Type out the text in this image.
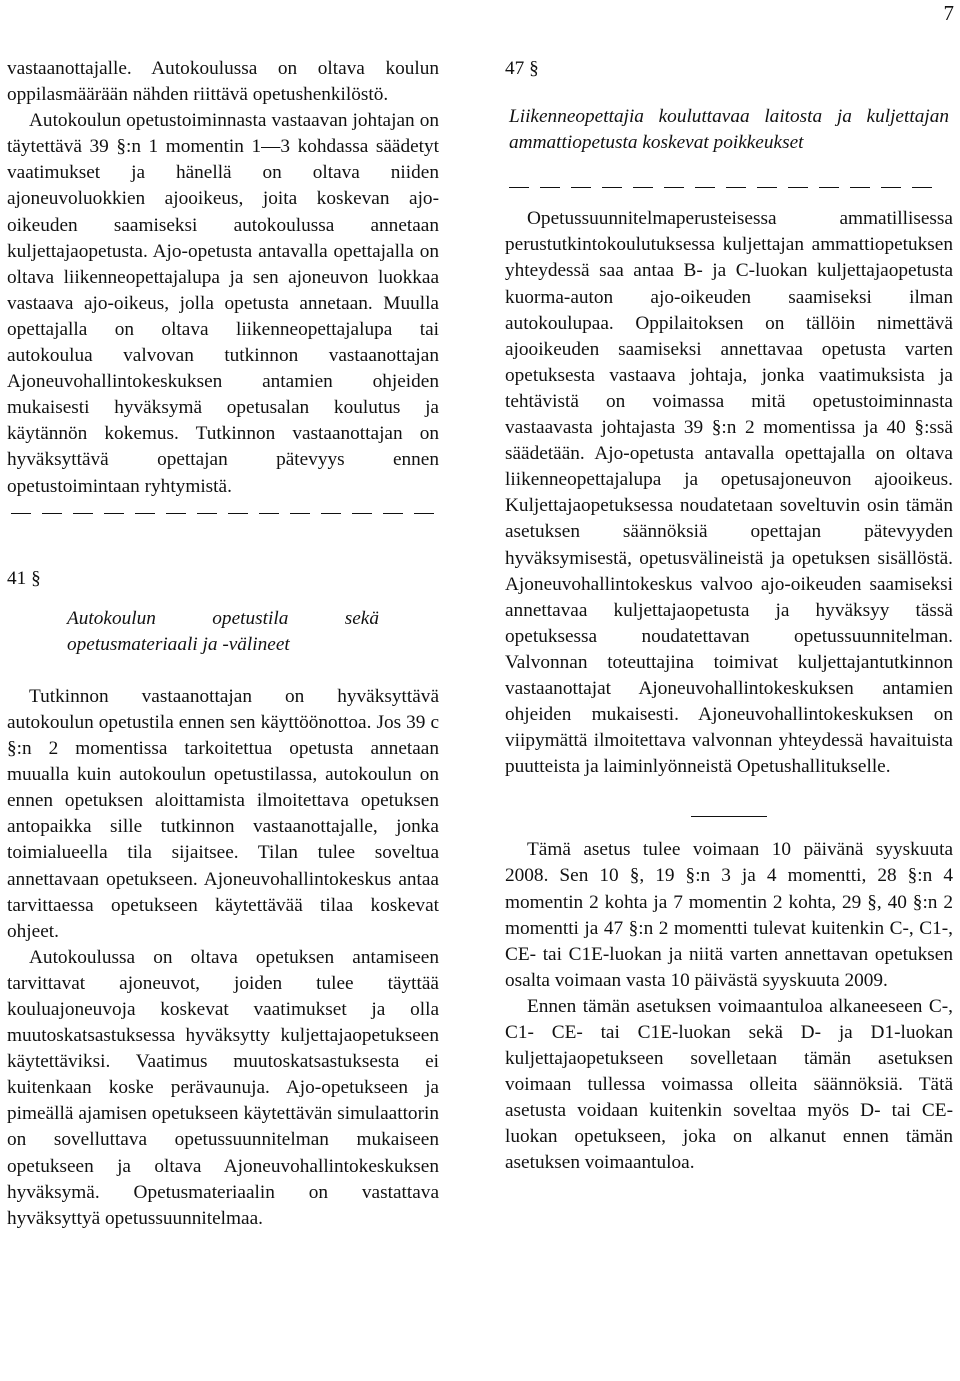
7

vastaanottajalle. Autokoulussa on oltava koulun oppilasmäärään nähden riittävä opetushenkilöstö.

Autokoulun opetustoiminnasta vastaavan johtajan on täytettävä 39 §:n 1 momentin 1—3 kohdassa säädetyt vaatimukset ja hänellä on oltava niiden ajoneuvoluokkien ajooikeus, joita koskevan ajo-oikeuden saamiseksi autokoulussa annetaan kuljettajaopetusta. Ajo-opetusta antavalla opettajalla on oltava liikenneopettajalupa ja sen ajoneuvon luokkaa vastaava ajo-oikeus, jolla opetusta annetaan. Muulla opettajalla on oltava liikenneopettajalupa tai autokoulua valvovan tutkinnon vastaanottajan Ajoneuvohallintokeskuksen antamien ohjeiden mukaisesti hyväksymä opetusalan koulutus ja käytännön kokemus. Tutkinnon vastaanottajan on hyväksyttävä opettajan pätevyys ennen opetustoimintaan ryhtymistä.

41 §

Autokoulun opetustila sekä opetusmateriaali ja -välineet

Tutkinnon vastaanottajan on hyväksyttävä autokoulun opetustila ennen sen käyttöönottoa. Jos 39 c §:n 2 momentissa tarkoitettua opetusta annetaan muualla kuin autokoulun opetustilassa, autokoulun on ennen opetuksen aloittamista ilmoitettava opetuksen antopaikka sille tutkinnon vastaanottajalle, jonka toimialueella tila sijaitsee. Tilan tulee soveltua annettavaan opetukseen. Ajoneuvohallintokeskus antaa tarvittaessa opetukseen käytettävää tilaa koskevat ohjeet.

Autokoulussa on oltava opetuksen antamiseen tarvittavat ajoneuvot, joiden tulee täyttää kouluajoneuvoja koskevat vaatimukset ja olla muutoskatsastuksessa hyväksytty kuljettajaopetukseen käytettäviksi. Vaatimus muutoskatsastuksesta ei kuitenkaan koske perävaunuja. Ajo-opetukseen ja pimeällä ajamisen opetukseen käytettävän simulaattorin on sovelluttava opetussuunnitelman mukaiseen opetukseen ja oltava Ajoneuvohallintokeskuksen hyväksymä. Opetusmateriaalin on vastattava hyväksyttyä opetussuunnitelmaa.

47 §

Liikenneopettajia kouluttavaa laitosta ja kuljettajan ammattiopetusta koskevat poikkeukset

Opetussuunnitelmaperusteisessa ammatillisessa perustutkintokoulutuksessa kuljettajan ammattiopetuksen yhteydessä saa antaa B- ja C-luokan kuljettajaopetusta kuorma-auton ajo-oikeuden saamiseksi ilman autokoulupaa. Oppilaitoksen on tällöin nimettävä ajooikeuden saamiseksi annettavaa opetusta varten opetuksesta vastaava johtaja, jonka vaatimuksista ja tehtävistä on voimassa mitä opetustoiminnasta vastaavasta johtajasta 39 §:n 2 momentissa ja 40 §:ssä säädetään. Ajo-opetusta antavalla opettajalla on oltava liikenneopettajalupa ja opetusajoneuvon ajooikeus. Kuljettajaopetuksessa noudatetaan soveltuvin osin tämän asetuksen säännöksiä opettajan pätevyyden hyväksymisestä, opetusvälineistä ja opetuksen sisällöstä. Ajoneuvohallintokeskus valvoo ajo-oikeuden saamiseksi annettavaa kuljettajaopetusta ja hyväksyy tässä opetuksessa noudatettavan opetussuunnitelman. Valvonnan toteuttajina toimivat kuljettajantutkinnon vastaanottajat Ajoneuvohallintokeskuksen antamien ohjeiden mukaisesti. Ajoneuvohallintokeskuksen on viipymättä ilmoitettava valvonnan yhteydessä havaituista puutteista ja laiminlyönneistä Opetushallitukselle.

Tämä asetus tulee voimaan 10 päivänä syyskuuta 2008. Sen 10 §, 19 §:n 3 ja 4 momentti, 28 §:n 4 momentin 2 kohta ja 7 momentin 2 kohta, 29 §, 40 §:n 2 momentti ja 47 §:n 2 momentti tulevat kuitenkin C-, C1-, CE- tai C1E-luokan ja niitä varten annettavan opetuksen osalta voimaan vasta 10 päivästä syyskuuta 2009.

Ennen tämän asetuksen voimaantuloa alkaneeseen C-, C1- CE- tai C1E-luokan sekä D- ja D1-luokan kuljettajaopetukseen sovelletaan tämän asetuksen voimaan tullessa voimassa olleita säännöksiä. Tätä asetusta voidaan kuitenkin soveltaa myös D- tai CE-luokan opetukseen, joka on alkanut ennen tämän asetuksen voimaantuloa.
